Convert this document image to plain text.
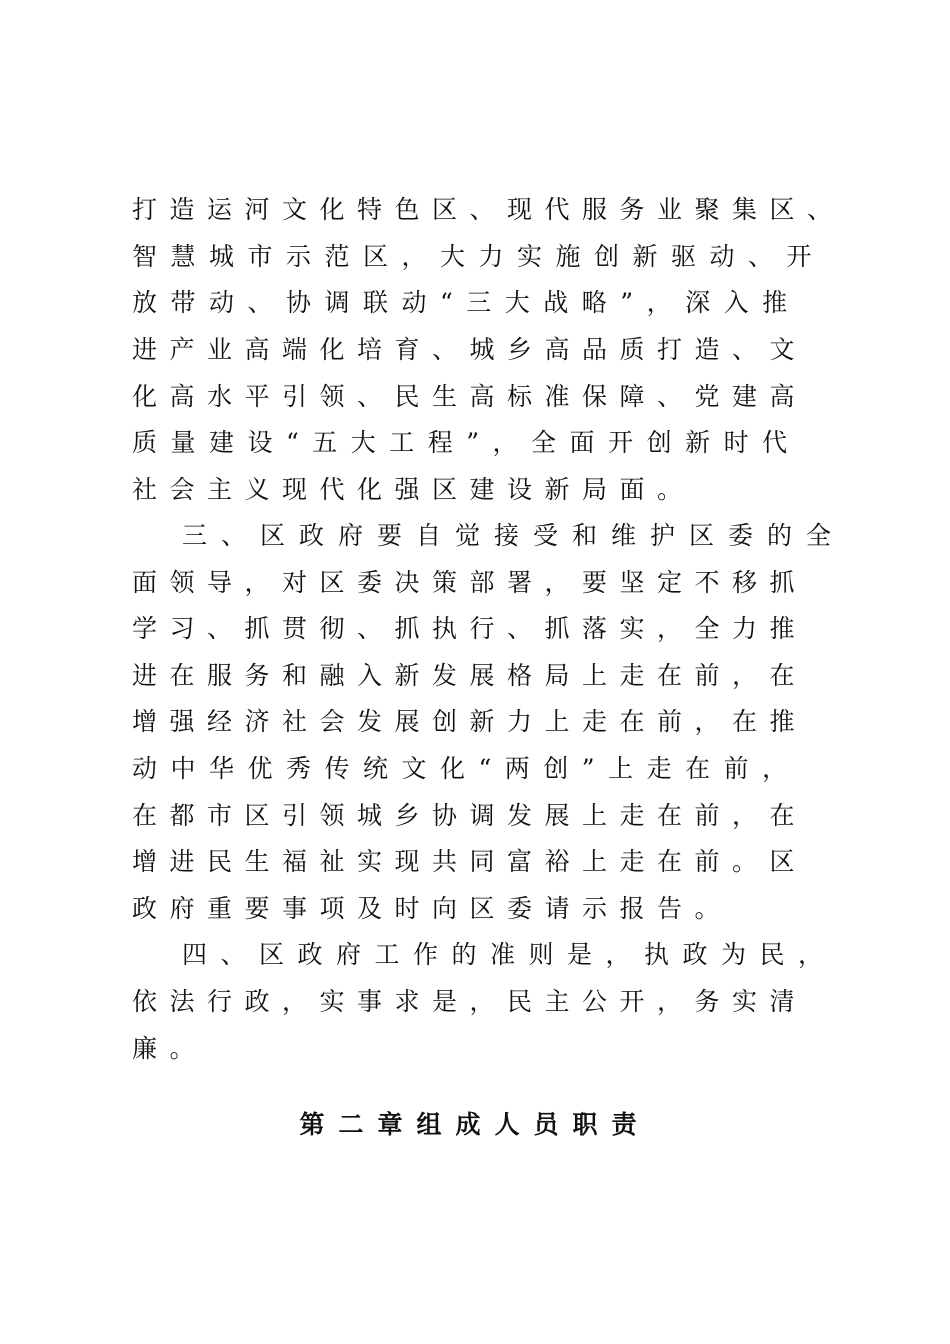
打造运河文化特色区、现代服务业聚集区、
智慧城市示范区，大力实施创新驱动、开
放带动、协调联动“三大战略”，深入推
进产业高端化培育、城乡高品质打造、文
化高水平引领、民生高标准保障、党建高
质量建设“五大工程”，全面开创新时代
社会主义现代化强区建设新局面。
三、区政府要自觉接受和维护区委的全
面领导，对区委决策部署，要坚定不移抓
学习、抓贯彻、抓执行、抓落实，全力推
进在服务和融入新发展格局上走在前，在
增强经济社会发展创新力上走在前，在推
动中华优秀传统文化“两创”上走在前，
在都市区引领城乡协调发展上走在前，在
增进民生福祉实现共同富裕上走在前。区
政府重要事项及时向区委请示报告。
四、区政府工作的准则是，执政为民，
依法行政，实事求是，民主公开，务实清
廉。
第二章组成人员职责
